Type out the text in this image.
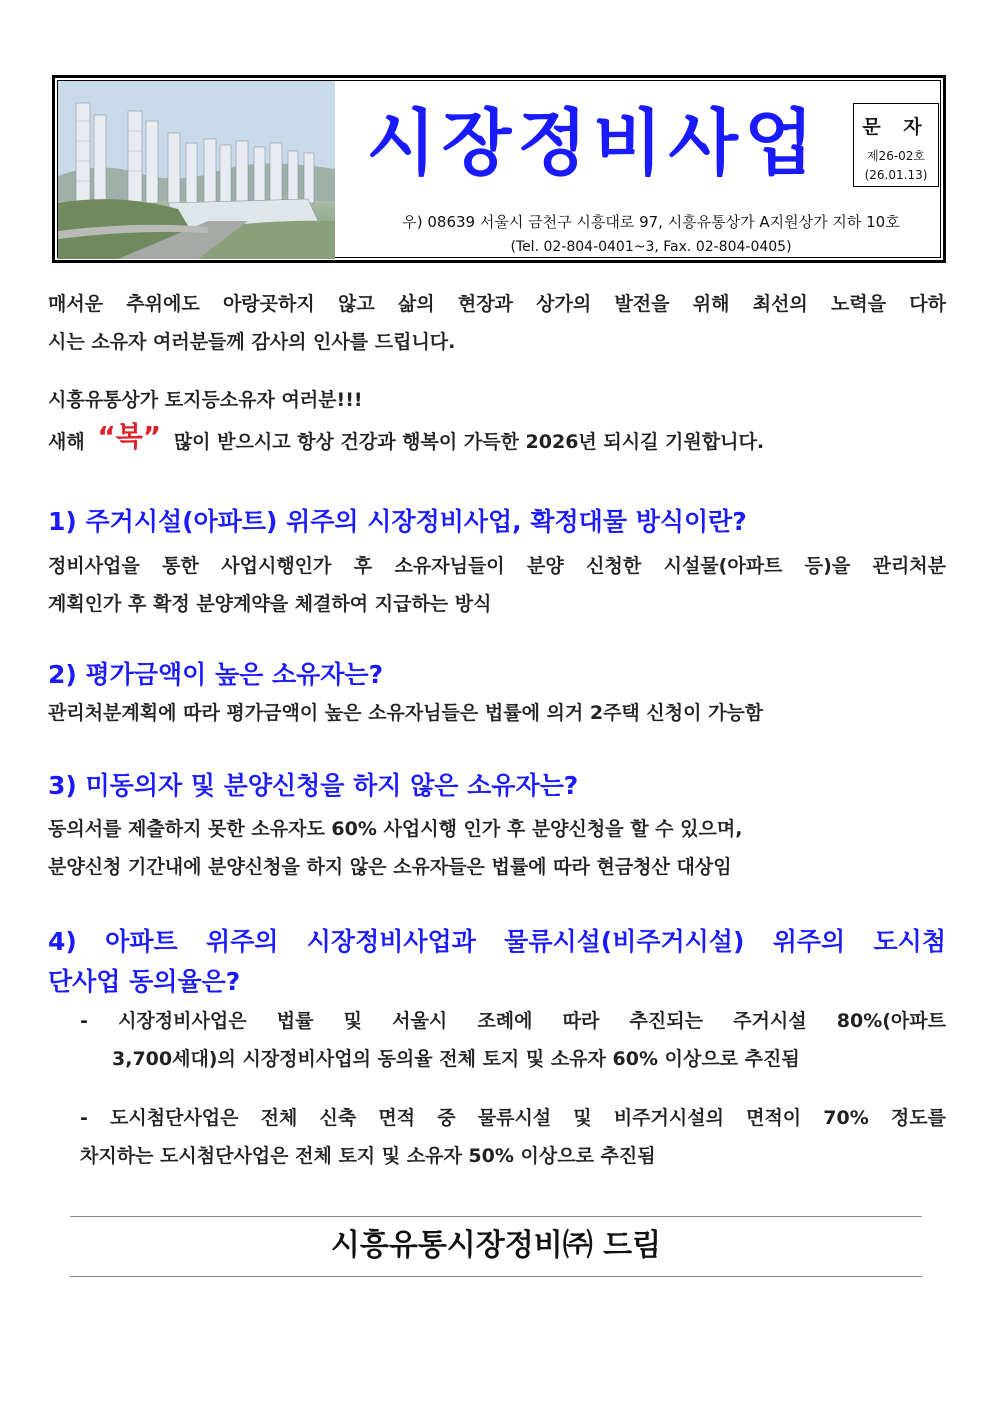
시장정비사업	문 자
제26-02호
(26.01.13)
우) 08639 서울시 금천구 시흥대로 97, 시흥유통상가 A지원상가 지하 10호
(Tel. 02-804-0401~3, Fax. 02-804-0405)
매서운 추위에도 아랑곳하지 않고 삶의 현장과 상가의 발전을 위해 최선의 노력을 다하
시는 소유자 여러분들께 감사의 인사를 드립니다.
시흥유통상가 토지등소유자 여러분!!!
새해 “복” 많이 받으시고 항상 건강과 행복이 가득한 2026년 되시길 기원합니다.
1) 주거시설(아파트) 위주의 시장정비사업, 확정대물 방식이란?
정비사업을 통한 사업시행인가 후 소유자님들이 분양 신청한 시설물(아파트 등)을 관리처분
계획인가 후 확정 분양계약을 체결하여 지급하는 방식
2) 평가금액이 높은 소유자는?
관리처분계획에 따라 평가금액이 높은 소유자님들은 법률에 의거 2주택 신청이 가능함
3) 미동의자 및 분양신청을 하지 않은 소유자는?
동의서를 제출하지 못한 소유자도 60% 사업시행 인가 후 분양신청을 할 수 있으며,
분양신청 기간내에 분양신청을 하지 않은 소유자들은 법률에 따라 현금청산 대상임
4) 아파트 위주의 시장정비사업과 물류시설(비주거시설) 위주의 도시첨
단사업 동의율은?
- 시장정비사업은 법률 및 서울시 조례에 따라 추진되는 주거시설 80%(아파트
3,700세대)의 시장정비사업의 동의율 전체 토지 및 소유자 60% 이상으로 추진됨
- 도시첨단사업은 전체 신축 면적 중 물류시설 및 비주거시설의 면적이 70% 정도를
차지하는 도시첨단사업은 전체 토지 및 소유자 50% 이상으로 추진됨
시흥유통시장정비㈜ 드림
